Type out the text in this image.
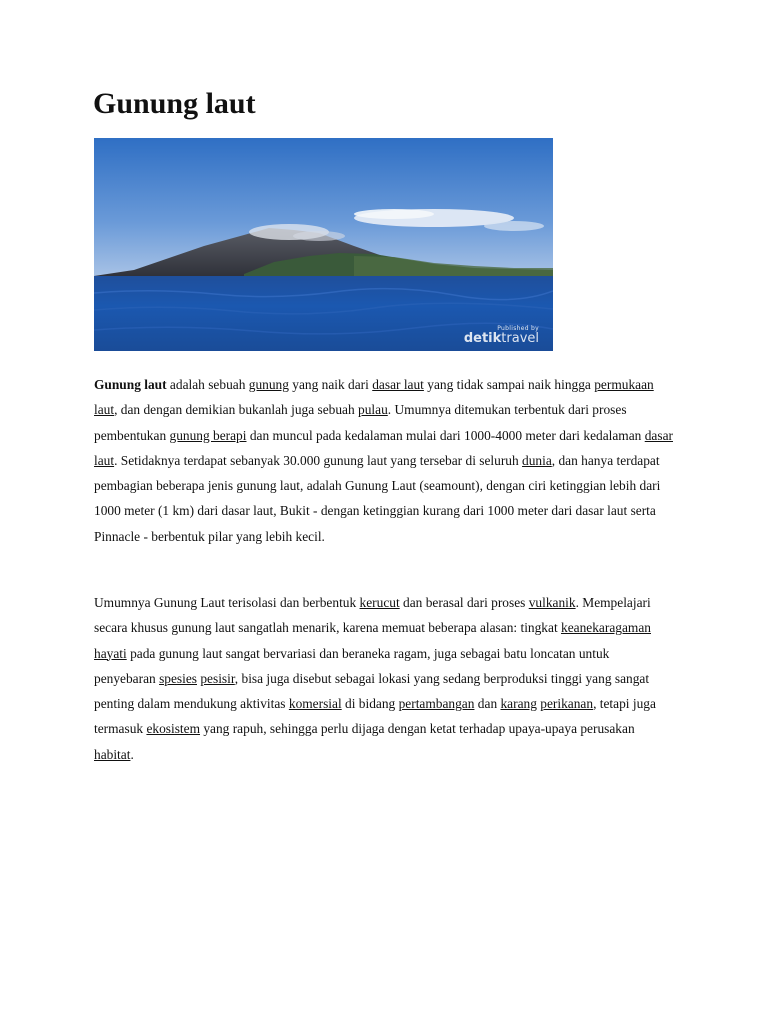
Gunung laut
Published by
detiktravel

Gunung laut adalah sebuah gunung yang naik dari dasar laut yang tidak sampai naik hingga permukaan laut, dan dengan demikian bukanlah juga sebuah pulau. Umumnya ditemukan terbentuk dari proses pembentukan gunung berapi dan muncul pada kedalaman mulai dari 1000-4000 meter dari kedalaman dasar laut. Setidaknya terdapat sebanyak 30.000 gunung laut yang tersebar di seluruh dunia, dan hanya terdapat pembagian beberapa jenis gunung laut, adalah Gunung Laut (seamount), dengan ciri ketinggian lebih dari 1000 meter (1 km) dari dasar laut, Bukit - dengan ketinggian kurang dari 1000 meter dari dasar laut serta Pinnacle - berbentuk pilar yang lebih kecil.

Umumnya Gunung Laut terisolasi dan berbentuk kerucut dan berasal dari proses vulkanik. Mempelajari secara khusus gunung laut sangatlah menarik, karena memuat beberapa alasan: tingkat keanekaragaman hayati pada gunung laut sangat bervariasi dan beraneka ragam, juga sebagai batu loncatan untuk penyebaran spesies pesisir, bisa juga disebut sebagai lokasi yang sedang berproduksi tinggi yang sangat penting dalam mendukung aktivitas komersial di bidang pertambangan dan karang perikanan, tetapi juga termasuk ekosistem yang rapuh, sehingga perlu dijaga dengan ketat terhadap upaya-upaya perusakan habitat.
